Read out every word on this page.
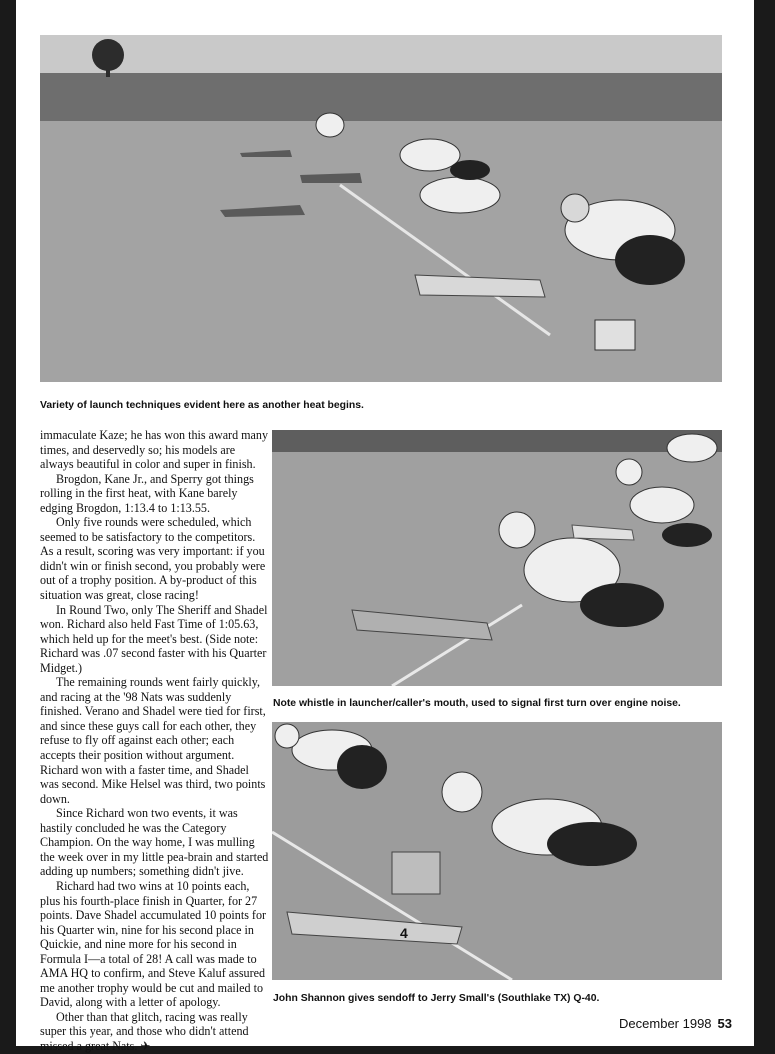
Variety of launch techniques evident here as another heat begins.

immaculate Kaze; he has won this award many times, and deservedly so; his models are always beautiful in color and super in finish.

Brogdon, Kane Jr., and Sperry got things rolling in the first heat, with Kane barely edging Brogdon, 1:13.4 to 1:13.55.

Only five rounds were scheduled, which seemed to be satisfactory to the competitors. As a result, scoring was very important: if you didn't win or finish second, you probably were out of a trophy position. A by-product of this situation was great, close racing!

In Round Two, only The Sheriff and Shadel won. Richard also held Fast Time of 1:05.63, which held up for the meet's best. (Side note: Richard was .07 second faster with his Quarter Midget.)

The remaining rounds went fairly quickly, and racing at the '98 Nats was suddenly finished. Verano and Shadel were tied for first, and since these guys call for each other, they refuse to fly off against each other; each accepts their position without argument. Richard won with a faster time, and Shadel was second. Mike Helsel was third, two points down.

Since Richard won two events, it was hastily concluded he was the Category Champion. On the way home, I was mulling the week over in my little pea-brain and started adding up numbers; something didn't jive.

Richard had two wins at 10 points each, plus his fourth-place finish in Quarter, for 27 points. Dave Shadel accumulated 10 points for his Quarter win, nine for his second place in Quickie, and nine more for his second in Formula I—a total of 28! A call was made to AMA HQ to confirm, and Steve Kaluf assured me another trophy would be cut and mailed to David, along with a letter of apology.

Other than that glitch, racing was really super this year, and those who didn't attend missed a great Nats. ✈

Note whistle in launcher/caller's mouth, used to signal first turn over engine noise.
4
John Shannon gives sendoff to Jerry Small's (Southlake TX) Q-40.
December 1998 53
